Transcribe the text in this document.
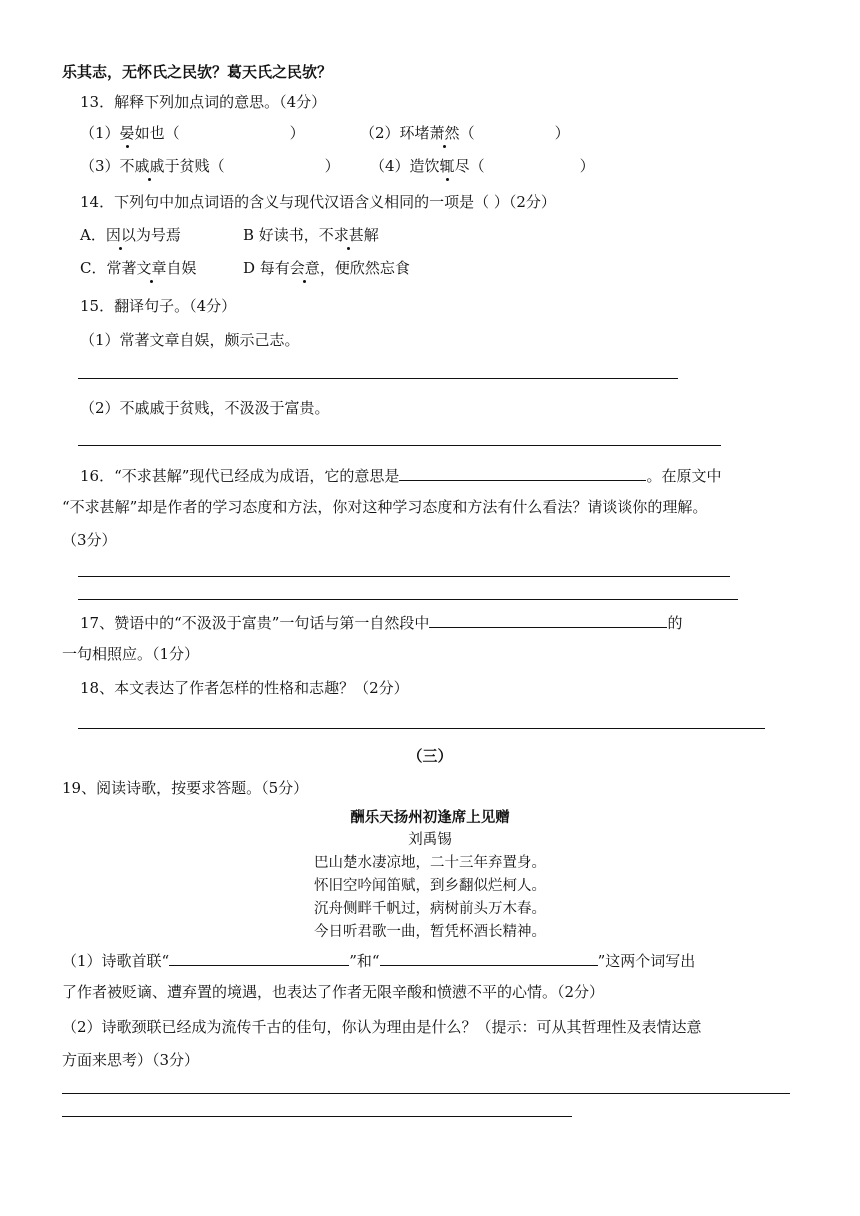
乐其志，无怀氏之民欤？葛天氏之民欤？
13．解释下列加点词的意思。（4分）
（1）晏如也（	）	（2）环堵萧然（	）
（3）不戚戚于贫贱（	） （4）造饮辄尽（	）
14．下列句中加点词语的含义与现代汉语含义相同的一项是（ ）（2分）
A．因以为号焉	B 好读书，不求甚解
C．常著文章自娱	D 每有会意，便欣然忘食
15．翻译句子。（4分）
（1）常著文章自娱，颇示己志。
（2）不戚戚于贫贱，不汲汲于富贵。
16．“不求甚解”现代已经成为成语，它的意思是	。在原文中
“不求甚解”却是作者的学习态度和方法，你对这种学习态度和方法有什么看法？请谈谈你的理解。
（3分）
17、赞语中的“不汲汲于富贵”一句话与第一自然段中	的
一句相照应。（1分）
18、本文表达了作者怎样的性格和志趣？（2分）
（三）
19、阅读诗歌，按要求答题。（5分）
酬乐天扬州初逢席上见赠
刘禹锡
巴山楚水凄凉地，二十三年弃置身。
怀旧空吟闻笛赋，到乡翻似烂柯人。
沉舟侧畔千帆过，病树前头万木春。
今日听君歌一曲，暂凭杯酒长精神。
（1）诗歌首联“	”和“	”这两个词写出
了作者被贬谪、遭弃置的境遇，也表达了作者无限辛酸和愤懑不平的心情。（2分）
（2）诗歌颈联已经成为流传千古的佳句，你认为理由是什么？（提示：可从其哲理性及表情达意
方面来思考）（3分）
